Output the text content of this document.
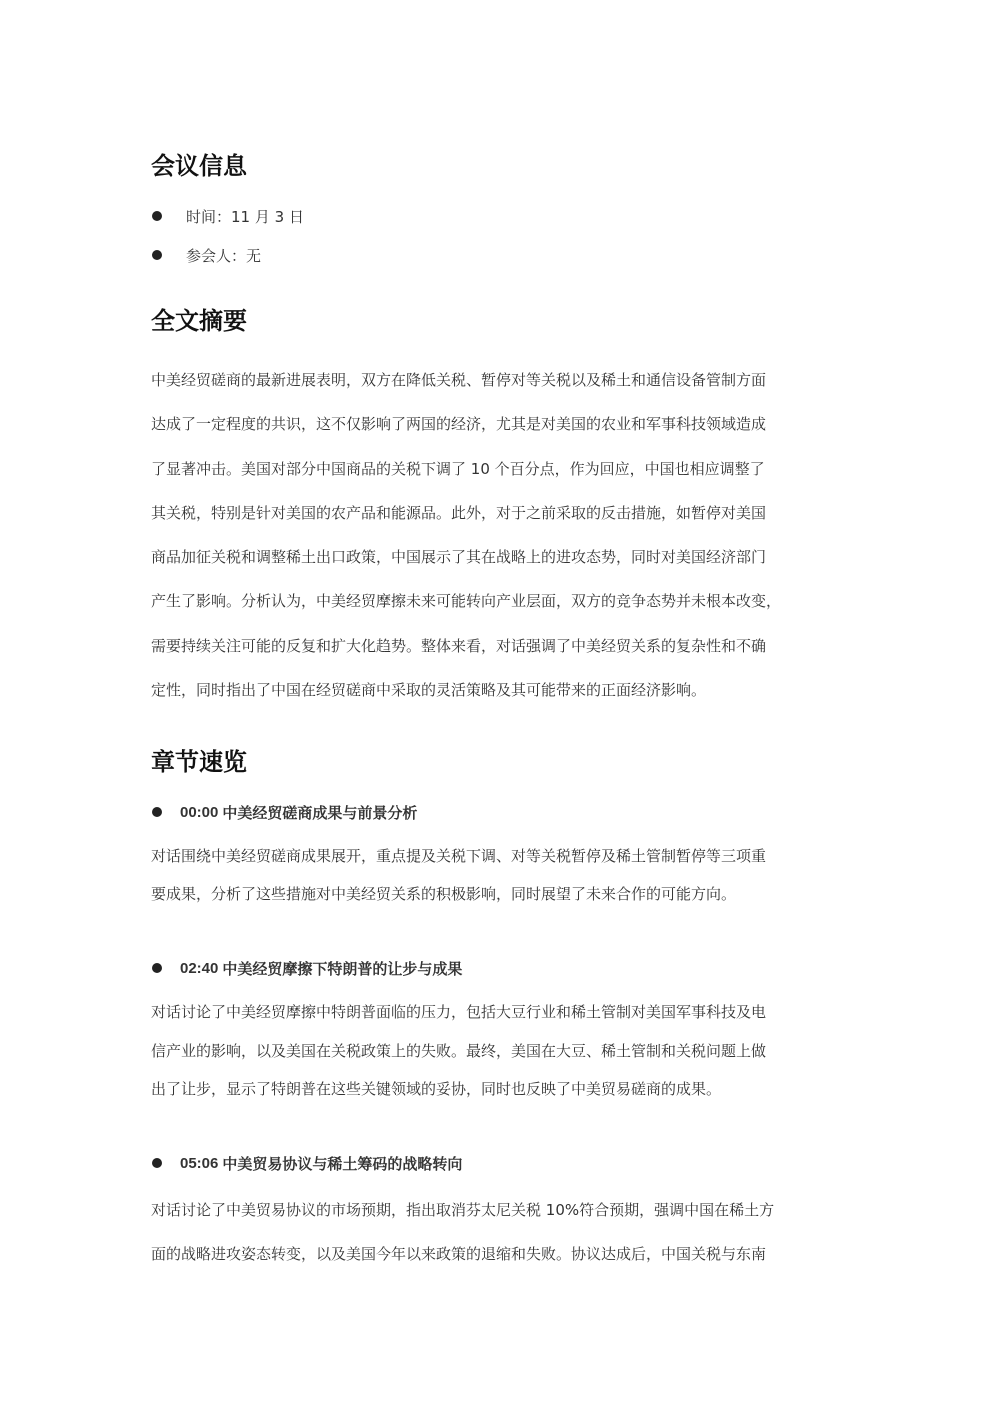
会议信息
时间： 11 月 3 日
参会人： 无
全文摘要
中美经贸磋商的最新进展表明，双方在降低关税、暂停对等关税以及稀土和通信设备管制方面
达成了一定程度的共识，这不仅影响了两国的经济，尤其是对美国的农业和军事科技领域造成
了显著冲击。美国对部分中国商品的关税下调了 10 个百分点，作为回应，中国也相应调整了
其关税，特别是针对美国的农产品和能源品。此外，对于之前采取的反击措施，如暂停对美国
商品加征关税和调整稀土出口政策，中国展示了其在战略上的进攻态势，同时对美国经济部门
产生了影响。分析认为，中美经贸摩擦未来可能转向产业层面，双方的竞争态势并未根本改变，
需要持续关注可能的反复和扩大化趋势。整体来看，对话强调了中美经贸关系的复杂性和不确
定性，同时指出了中国在经贸磋商中采取的灵活策略及其可能带来的正面经济影响。
章节速览
00:00 中美经贸磋商成果与前景分析
对话围绕中美经贸磋商成果展开，重点提及关税下调、对等关税暂停及稀土管制暂停等三项重
要成果，分析了这些措施对中美经贸关系的积极影响，同时展望了未来合作的可能方向。
02:40 中美经贸摩擦下特朗普的让步与成果
对话讨论了中美经贸摩擦中特朗普面临的压力，包括大豆行业和稀土管制对美国军事科技及电
信产业的影响，以及美国在关税政策上的失败。最终，美国在大豆、稀土管制和关税问题上做
出了让步，显示了特朗普在这些关键领域的妥协，同时也反映了中美贸易磋商的成果。
05:06 中美贸易协议与稀土筹码的战略转向
对话讨论了中美贸易协议的市场预期，指出取消芬太尼关税 10%符合预期，强调中国在稀土方
面的战略进攻姿态转变，以及美国今年以来政策的退缩和失败。协议达成后，中国关税与东南
